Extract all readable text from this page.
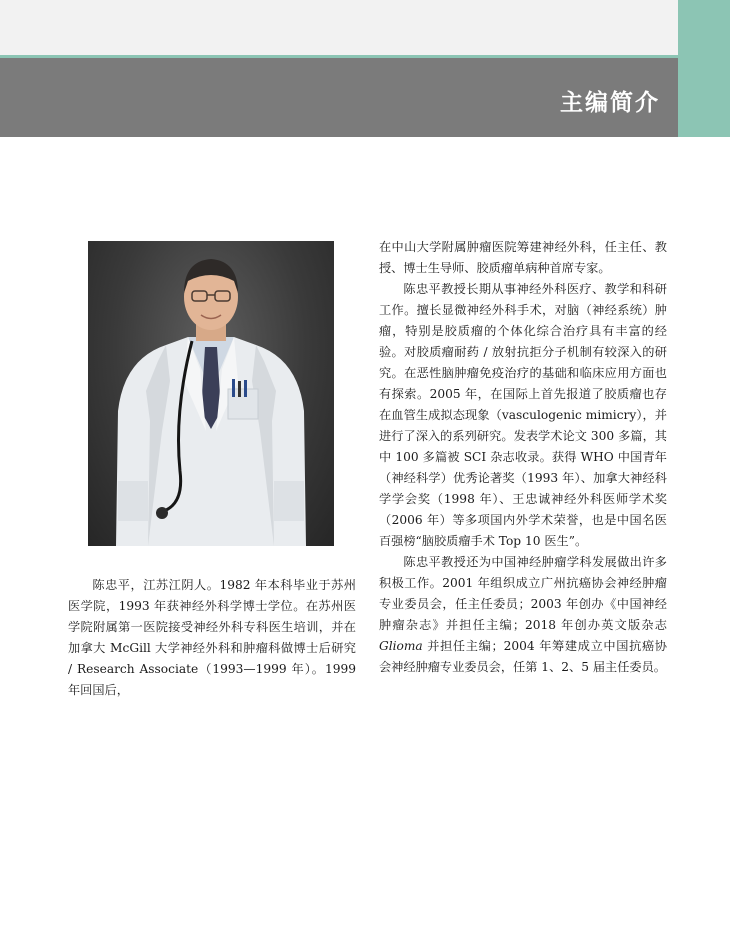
主编简介

陈忠平，江苏江阴人。1982 年本科毕业于苏州医学院，1993 年获神经外科学博士学位。在苏州医学院附属第一医院接受神经外科专科医生培训，并在加拿大 McGill 大学神经外科和肿瘤科做博士后研究 / Research Associate（1993—1999 年）。1999 年回国后，

在中山大学附属肿瘤医院筹建神经外科，任主任、教授、博士生导师、胶质瘤单病种首席专家。

陈忠平教授长期从事神经外科医疗、教学和科研工作。擅长显微神经外科手术，对脑（神经系统）肿瘤，特别是胶质瘤的个体化综合治疗具有丰富的经验。对胶质瘤耐药 / 放射抗拒分子机制有较深入的研究。在恶性脑肿瘤免疫治疗的基础和临床应用方面也有探索。2005 年，在国际上首先报道了胶质瘤也存在血管生成拟态现象（vasculogenic mimicry），并进行了深入的系列研究。发表学术论文 300 多篇，其中 100 多篇被 SCI 杂志收录。获得 WHO 中国青年（神经科学）优秀论著奖（1993 年）、加拿大神经科学学会奖（1998 年）、王忠诚神经外科医师学术奖（2006 年）等多项国内外学术荣誉，也是中国名医百强榜“脑胶质瘤手术 Top 10 医生”。

陈忠平教授还为中国神经肿瘤学科发展做出许多积极工作。2001 年组织成立广州抗癌协会神经肿瘤专业委员会，任主任委员；2003 年创办《中国神经肿瘤杂志》并担任主编；2018 年创办英文版杂志 Glioma 并担任主编；2004 年筹建成立中国抗癌协会神经肿瘤专业委员会，任第 1、2、5 届主任委员。
